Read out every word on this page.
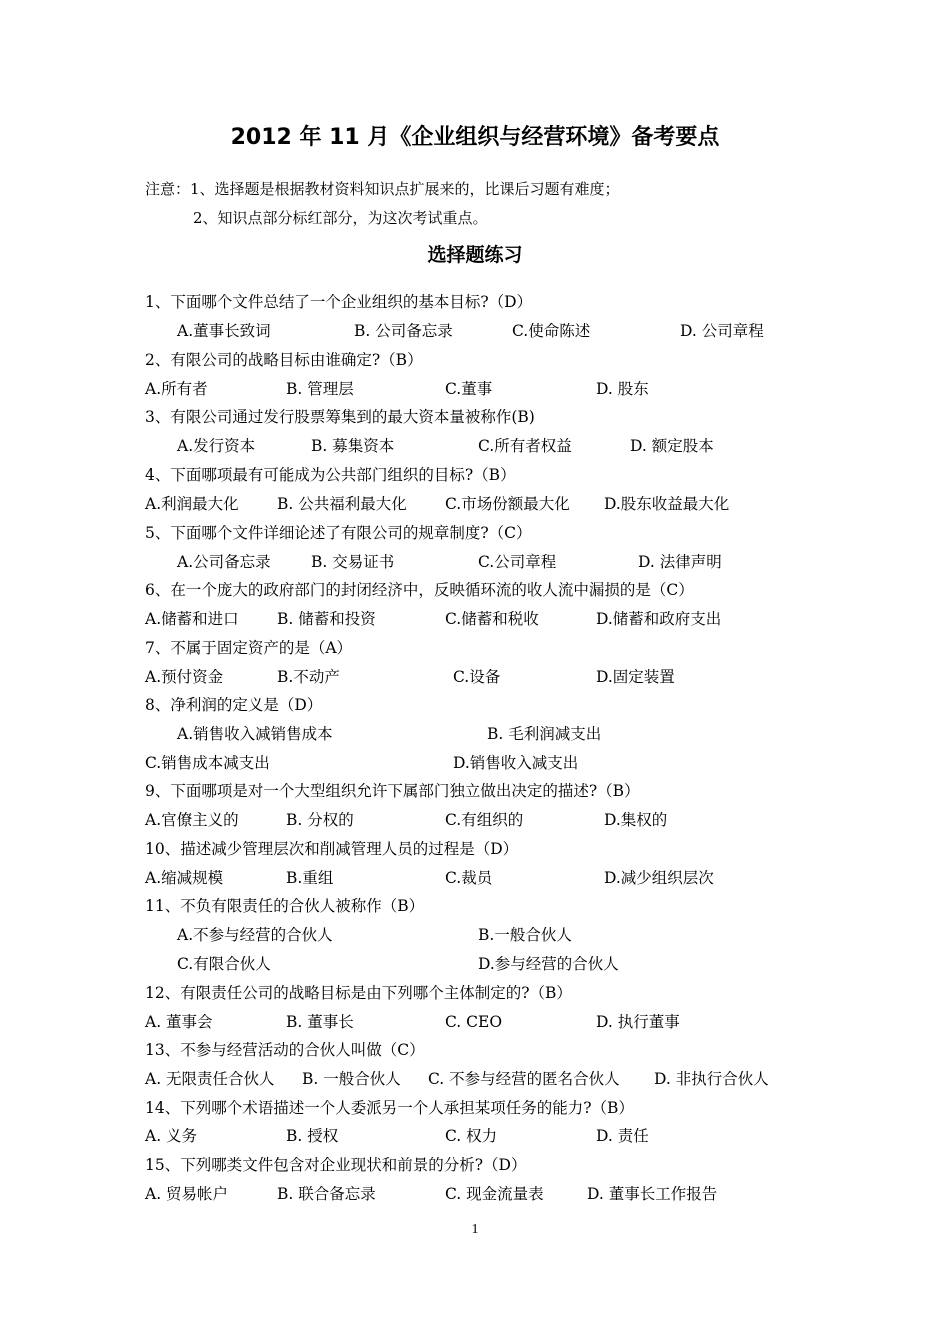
2012 年 11 月《企业组织与经营环境》备考要点
注意：1、选择题是根据教材资料知识点扩展来的，比课后习题有难度；
2、知识点部分标红部分，为这次考试重点。
选择题练习
1、下面哪个文件总结了一个企业组织的基本目标?（D）
A.董事长致词	B. 公司备忘录	C.使命陈述	D. 公司章程
2、有限公司的战略目标由谁确定?（B）
A.所有者	B. 管理层	C.董事	D. 股东
3、有限公司通过发行股票筹集到的最大资本量被称作(B)
A.发行资本	B. 募集资本	C.所有者权益	D. 额定股本
4、下面哪项最有可能成为公共部门组织的目标?（B）
A.利润最大化 B. 公共福利最大化 C.市场份额最大化 D.股东收益最大化
5、下面哪个文件详细论述了有限公司的规章制度?（C）
A.公司备忘录	B. 交易证书	C.公司章程	D. 法律声明
6、在一个庞大的政府部门的封闭经济中，反映循环流的收人流中漏损的是（C）
A.储蓄和进口 B. 储蓄和投资	C.储蓄和税收	D.储蓄和政府支出
7、不属于固定资产的是（A）
A.预付资金	B.不动产	C.设备	D.固定装置
8、净利润的定义是（D）
A.销售收入减销售成本	B. 毛利润减支出
C.销售成本减支出	D.销售收入减支出
9、下面哪项是对一个大型组织允许下属部门独立做出决定的描述?（B）
A.官僚主义的	B. 分权的	C.有组织的	D.集权的
10、描述减少管理层次和削减管理人员的过程是（D）
A.缩减规模	B.重组	C.裁员	D.减少组织层次
11、不负有限责任的合伙人被称作（B）
A.不参与经营的合伙人	B.一般合伙人
C.有限合伙人	D.参与经营的合伙人
12、有限责任公司的战略目标是由下列哪个主体制定的?（B）
A. 董事会	B. 董事长	C. CEO	D. 执行董事
13、不参与经营活动的合伙人叫做（C）
A. 无限责任合伙人 B. 一般合伙人 C. 不参与经营的匿名合伙人 D. 非执行合伙人
14、下列哪个术语描述一个人委派另一个人承担某项任务的能力?（B）
A. 义务	B. 授权	C. 权力	D. 责任
15、下列哪类文件包含对企业现状和前景的分析?（D）
A. 贸易帐户	B. 联合备忘录	C. 现金流量表	D. 董事长工作报告
1
